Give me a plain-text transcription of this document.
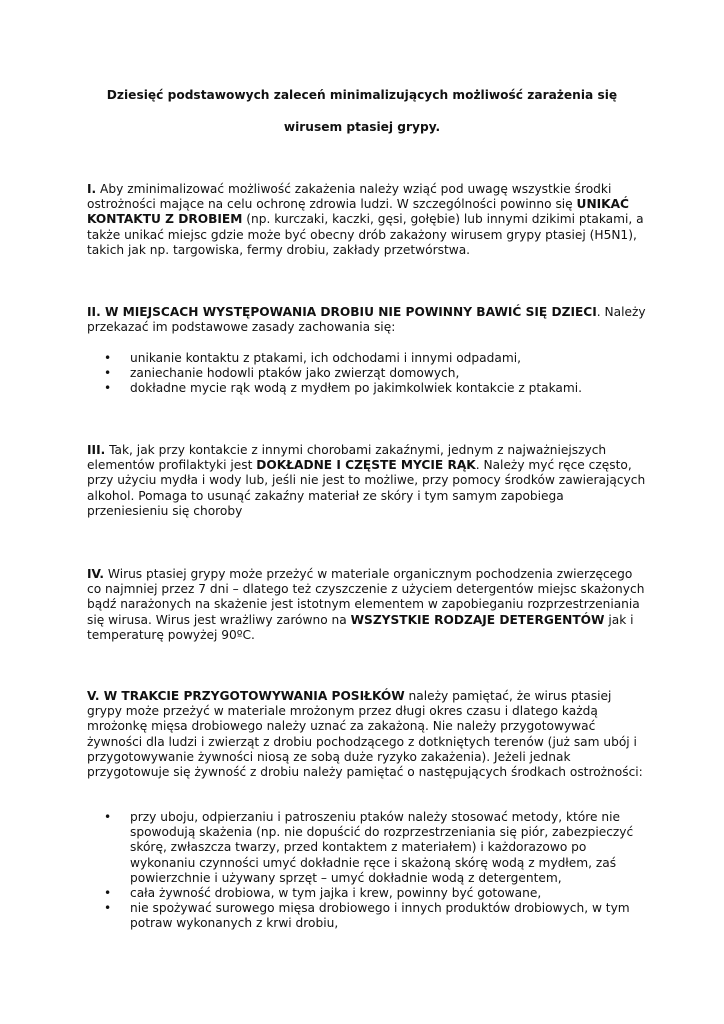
Dziesięć podstawowych zaleceń minimalizujących możliwość zarażenia się
wirusem ptasiej grypy.

I. Aby zminimalizować możliwość zakażenia należy wziąć pod uwagę wszystkie środki ostrożności mające na celu ochronę zdrowia ludzi. W szczególności powinno się UNIKAĆ KONTAKTU Z DROBIEM (np. kurczaki, kaczki, gęsi, gołębie) lub innymi dzikimi ptakami, a także unikać miejsc gdzie może być obecny drób zakażony wirusem grypy ptasiej (H5N1), takich jak np. targowiska, fermy drobiu, zakłady przetwórstwa.

II. W MIEJSCACH WYSTĘPOWANIA DROBIU NIE POWINNY BAWIĆ SIĘ DZIECI. Należy przekazać im podstawowe zasady zachowania się:

• unikanie kontaktu z ptakami, ich odchodami i innymi odpadami,
• zaniechanie hodowli ptaków jako zwierząt domowych,
• dokładne mycie rąk wodą z mydłem po jakimkolwiek kontakcie z ptakami.

III. Tak, jak przy kontakcie z innymi chorobami zakaźnymi, jednym z najważniejszych elementów profilaktyki jest DOKŁADNE I CZĘSTE MYCIE RĄK. Należy myć ręce często, przy użyciu mydła i wody lub, jeśli nie jest to możliwe, przy pomocy środków zawierających alkohol. Pomaga to usunąć zakaźny materiał ze skóry i tym samym zapobiega przeniesieniu się choroby

IV. Wirus ptasiej grypy może przeżyć w materiale organicznym pochodzenia zwierzęcego co najmniej przez 7 dni – dlatego też czyszczenie z użyciem detergentów miejsc skażonych bądź narażonych na skażenie jest istotnym elementem w zapobieganiu rozprzestrzeniania się wirusa. Wirus jest wrażliwy zarówno na WSZYSTKIE RODZAJE DETERGENTÓW jak i temperaturę powyżej 90ºC.

V. W TRAKCIE PRZYGOTOWYWANIA POSIŁKÓW należy pamiętać, że wirus ptasiej grypy może przeżyć w materiale mrożonym przez długi okres czasu i dlatego każdą mrożonkę mięsa drobiowego należy uznać za zakażoną. Nie należy przygotowywać żywności dla ludzi i zwierząt z drobiu pochodzącego z dotkniętych terenów (już sam ubój i przygotowywanie żywności niosą ze sobą duże ryzyko zakażenia). Jeżeli jednak przygotowuje się żywność z drobiu należy pamiętać o następujących środkach ostrożności:

• przy uboju, odpierzaniu i patroszeniu ptaków należy stosować metody, które nie spowodują skażenia (np. nie dopuścić do rozprzestrzeniania się piór, zabezpieczyć skórę, zwłaszcza twarzy, przed kontaktem z materiałem) i każdorazowo po wykonaniu czynności umyć dokładnie ręce i skażoną skórę wodą z mydłem, zaś powierzchnie i używany sprzęt – umyć dokładnie wodą z detergentem,
• cała żywność drobiowa, w tym jajka i krew, powinny być gotowane,
• nie spożywać surowego mięsa drobiowego i innych produktów drobiowych, w tym potraw wykonanych z krwi drobiu,
